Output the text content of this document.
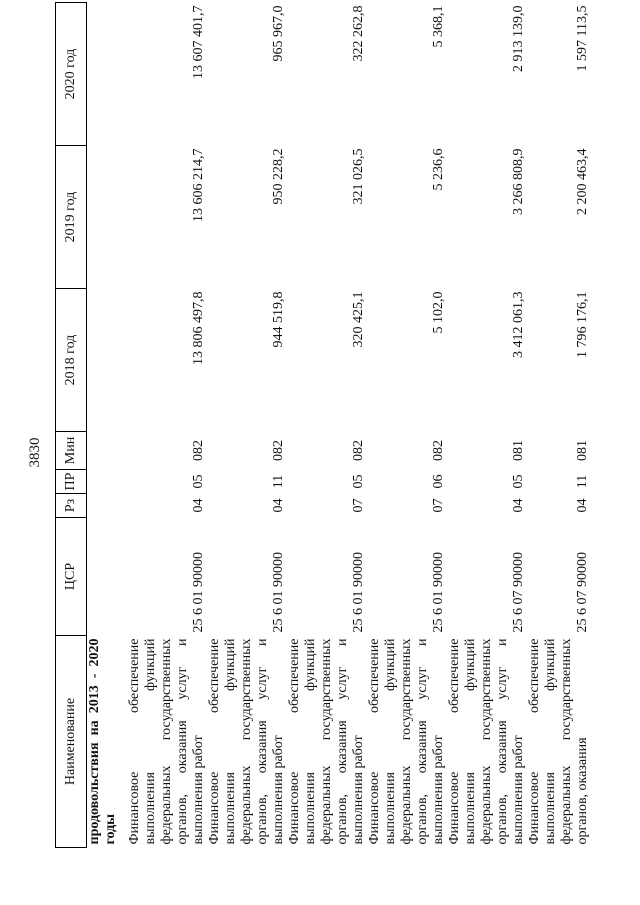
3830
Наименование	ЦСР	Рз	ПР	Мин	2018 год	2019 год	2020 год
продовольствия на 2013 - 2020 годы							
Финансовое обеспечение выполнения функций федеральных государственных органов, оказания услуг и выполнения работ	25 6 01 90000	04	05	082	13 806 497,8	13 606 214,7	13 607 401,7
Финансовое обеспечение выполнения функций федеральных государственных органов, оказания услуг и выполнения работ	25 6 01 90000	04	11	082	944 519,8	950 228,2	965 967,0
Финансовое обеспечение выполнения функций федеральных государственных органов, оказания услуг и выполнения работ	25 6 01 90000	07	05	082	320 425,1	321 026,5	322 262,8
Финансовое обеспечение выполнения функций федеральных государственных органов, оказания услуг и выполнения работ	25 6 01 90000	07	06	082	5 102,0	5 236,6	5 368,1
Финансовое обеспечение выполнения функций федеральных государственных органов, оказания услуг и выполнения работ	25 6 07 90000	04	05	081	3 412 061,3	3 266 808,9	2 913 139,0
Финансовое обеспечение выполнения функций федеральных государственных органов, оказания	25 6 07 90000	04	11	081	1 796 176,1	2 200 463,4	1 597 113,5
